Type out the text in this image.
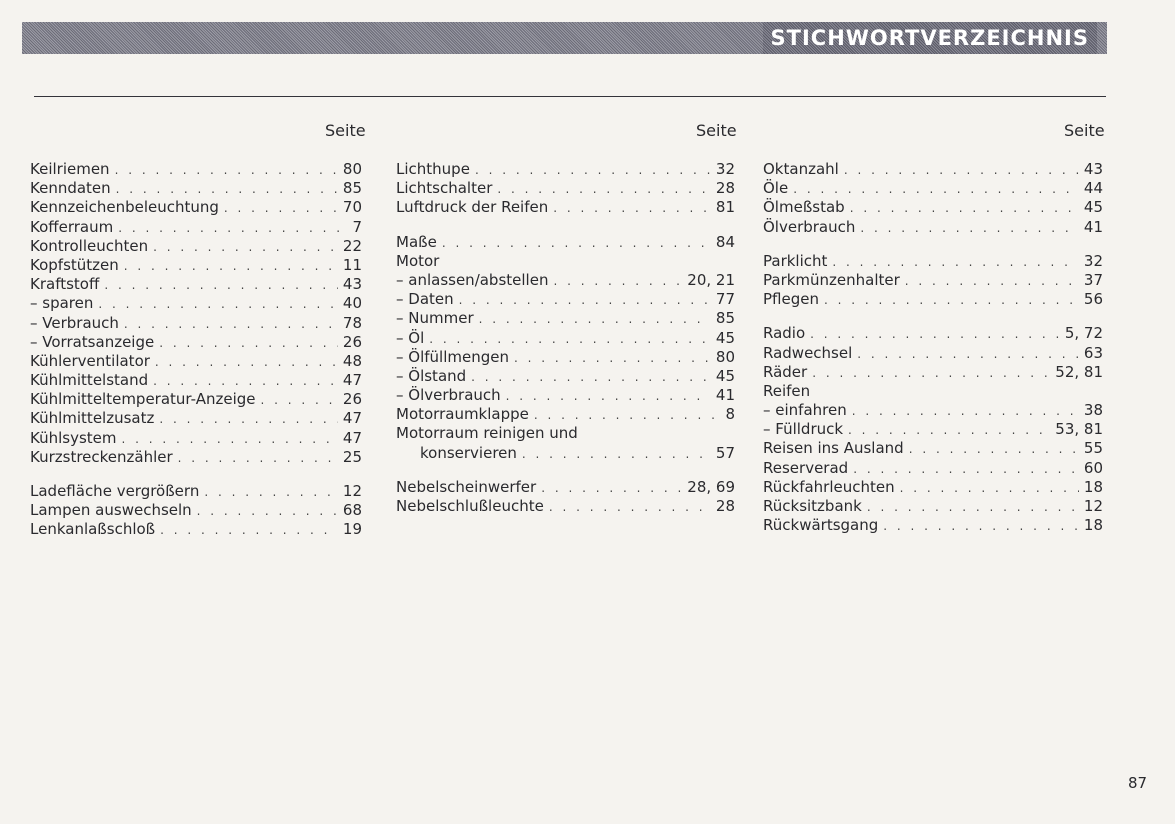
STICHWORTVERZEICHNIS
Seite	Seite	Seite
Keilriemen . . .	80
Kenndaten . . .	85
Kennzeichenbeleuchtung . . .	70
Kofferraum . . .	7
Kontrolleuchten . . .	22
Kopfstützen . . .	11
Kraftstoff . . .	43
– sparen . . .	40
– Verbrauch . . .	78
– Vorratsanzeige . . .	26
Kühlerventilator . . .	48
Kühlmittelstand . . .	47
Kühlmitteltemperatur-Anzeige . . .	26
Kühlmittelzusatz . . .	47
Kühlsystem . . .	47
Kurzstreckenzähler . . .	25
Ladefläche vergrößern . . .	12
Lampen auswechseln . . .	68
Lenkanlaßschloß . . .	19
Lichthupe . . .	32
Lichtschalter . . .	28
Luftdruck der Reifen . . .	81
Maße . . .	84
Motor
– anlassen/abstellen . . .	20, 21
– Daten . . .	77
– Nummer . . .	85
– Öl . . .	45
– Ölfüllmengen . . .	80
– Ölstand . . .	45
– Ölverbrauch . . .	41
Motorraumklappe . . .	8
Motorraum reinigen und
konservieren . . .	57
Nebelscheinwerfer . . .	28, 69
Nebelschlußleuchte . . .	28
Oktanzahl . . .	43
Öle . . .	44
Ölmeßstab . . .	45
Ölverbrauch . . .	41
Parklicht . . .	32
Parkmünzenhalter . . .	37
Pflegen . . .	56
Radio . . .	5, 72
Radwechsel . . .	63
Räder . . .	52, 81
Reifen
– einfahren . . .	38
– Fülldruck . . .	53, 81
Reisen ins Ausland . . .	55
Reserverad . . .	60
Rückfahrleuchten . . .	18
Rücksitzbank . . .	12
Rückwärtsgang . . .	18
87
